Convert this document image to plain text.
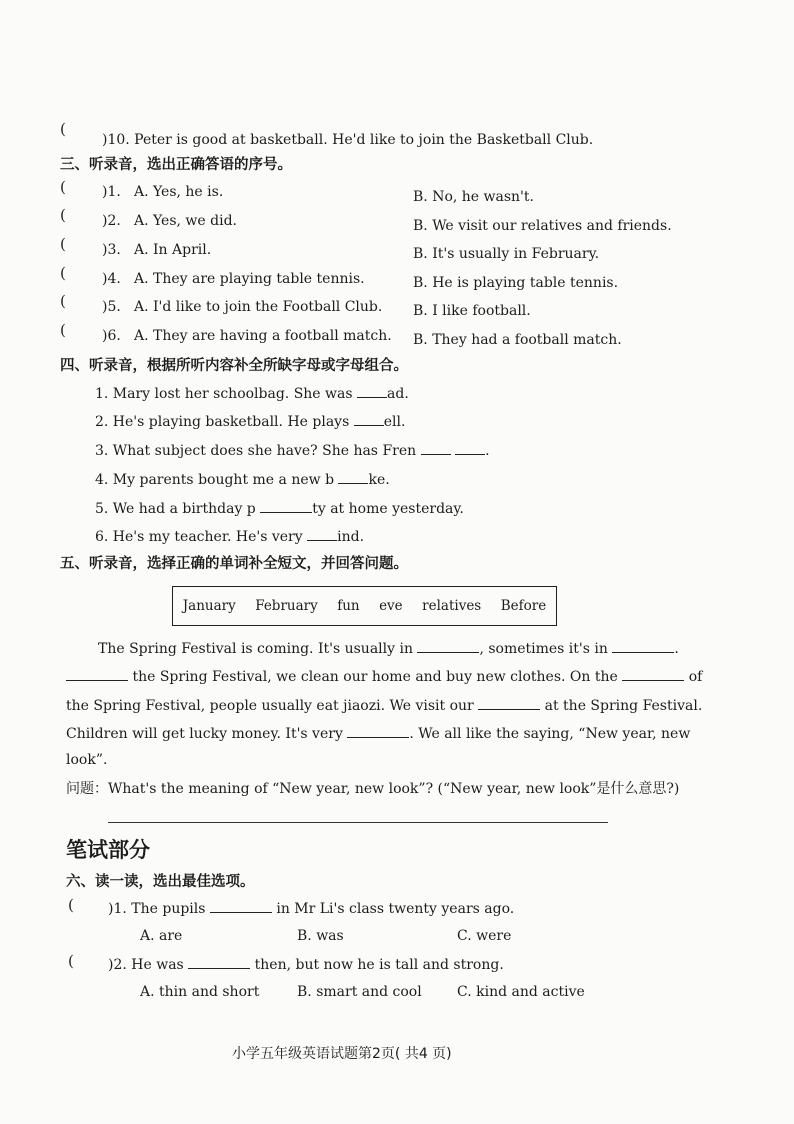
(
)10. Peter is good at basketball. He'd like to join the Basketball Club.
三、听录音，选出正确答语的序号。
(	)1. A. Yes, he is.	B. No, he wasn't.
(	)2. A. Yes, we did.	B. We visit our relatives and friends.
(	)3. A. In April.	B. It's usually in February.
(	)4. A. They are playing table tennis.	B. He is playing table tennis.
(	)5. A. I'd like to join the Football Club. B. I like football.
(	)6. A. They are having a football match. B. They had a football match.
四、听录音，根据所听内容补全所缺字母或字母组合。
1. Mary lost her schoolbag. She was ad.
2. He's playing basketball. He plays ell.
3. What subject does she have? She has Fren	.
4. My parents bought me a new b ke.
5. We had a birthday p	ty at home yesterday.
6. He's my teacher. He's very ind.
五、听录音，选择正确的单词补全短文，并回答问题。
January February fun eve relatives Before
The Spring Festival is coming. It's usually in	, sometimes it's in	.
the Spring Festival, we clean our home and buy new clothes. On the	of
the Spring Festival, people usually eat jiaozi. We visit our	at the Spring Festival.
Children will get lucky money. It's very	. We all like the saying, “New year, new
look”.
问题：What's the meaning of “New year, new look”? (“New year, new look”是什么意思?)
笔试部分
六、读一读，选出最佳选项。
( )1. The pupils	in Mr Li's class twenty years ago.
A. are	B. was	C. were
( )2. He was	then, but now he is tall and strong.
A. thin and short	B. smart and cool	C. kind and active
小学五年级英语试题第2页( 共4 页)
